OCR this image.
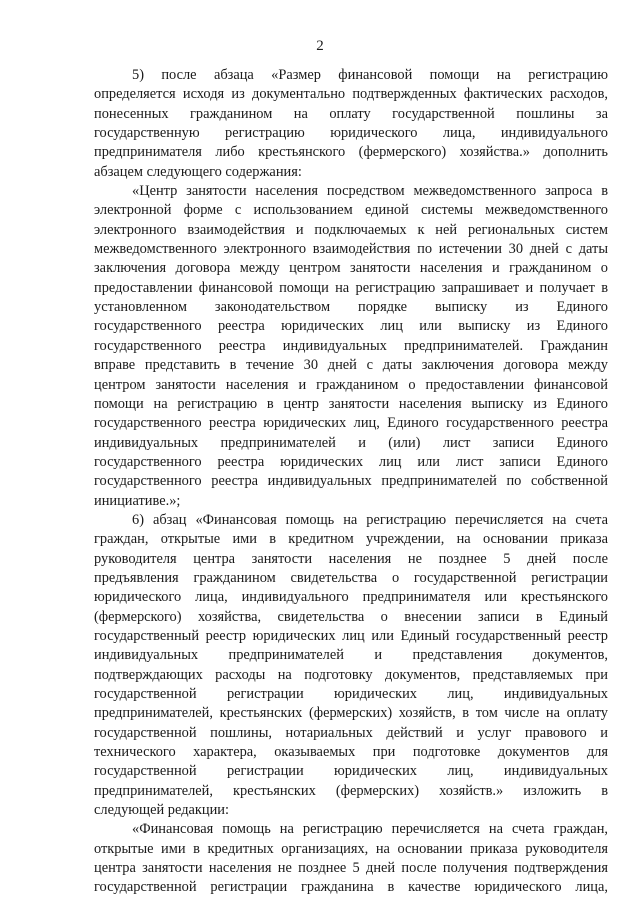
2
5) после абзаца «Размер финансовой помощи на регистрацию
определяется исходя из документально подтвержденных фактических расходов,
понесенных гражданином на оплату государственной пошлины за
государственную регистрацию юридического лица, индивидуального
предпринимателя либо крестьянского (фермерского) хозяйства.» дополнить
абзацем следующего содержания:
«Центр занятости населения посредством межведомственного запроса в
электронной форме с использованием единой системы межведомственного
электронного взаимодействия и подключаемых к ней региональных систем
межведомственного электронного взаимодействия по истечении 30 дней с даты
заключения договора между центром занятости населения и гражданином о
предоставлении финансовой помощи на регистрацию запрашивает и получает в
установленном законодательством порядке выписку из Единого
государственного реестра юридических лиц или выписку из Единого
государственного реестра индивидуальных предпринимателей. Гражданин
вправе представить в течение 30 дней с даты заключения договора между
центром занятости населения и гражданином о предоставлении финансовой
помощи на регистрацию в центр занятости населения выписку из Единого
государственного реестра юридических лиц, Единого государственного реестра
индивидуальных предпринимателей и (или) лист записи Единого
государственного реестра юридических лиц или лист записи Единого
государственного реестра индивидуальных предпринимателей по собственной
инициативе.»;
6) абзац «Финансовая помощь на регистрацию перечисляется на счета
граждан, открытые ими в кредитном учреждении, на основании приказа
руководителя центра занятости населения не позднее 5 дней после
предъявления гражданином свидетельства о государственной регистрации
юридического лица, индивидуального предпринимателя или крестьянского
(фермерского) хозяйства, свидетельства о внесении записи в Единый
государственный реестр юридических лиц или Единый государственный реестр
индивидуальных предпринимателей и представления документов,
подтверждающих расходы на подготовку документов, представляемых при
государственной регистрации юридических лиц, индивидуальных
предпринимателей, крестьянских (фермерских) хозяйств, в том числе на оплату
государственной пошлины, нотариальных действий и услуг правового и
технического характера, оказываемых при подготовке документов для
государственной регистрации юридических лиц, индивидуальных
предпринимателей, крестьянских (фермерских) хозяйств.» изложить в
следующей редакции:
«Финансовая помощь на регистрацию перечисляется на счета граждан,
открытые ими в кредитных организациях, на основании приказа руководителя
центра занятости населения не позднее 5 дней после получения подтверждения
государственной регистрации гражданина в качестве юридического лица,
